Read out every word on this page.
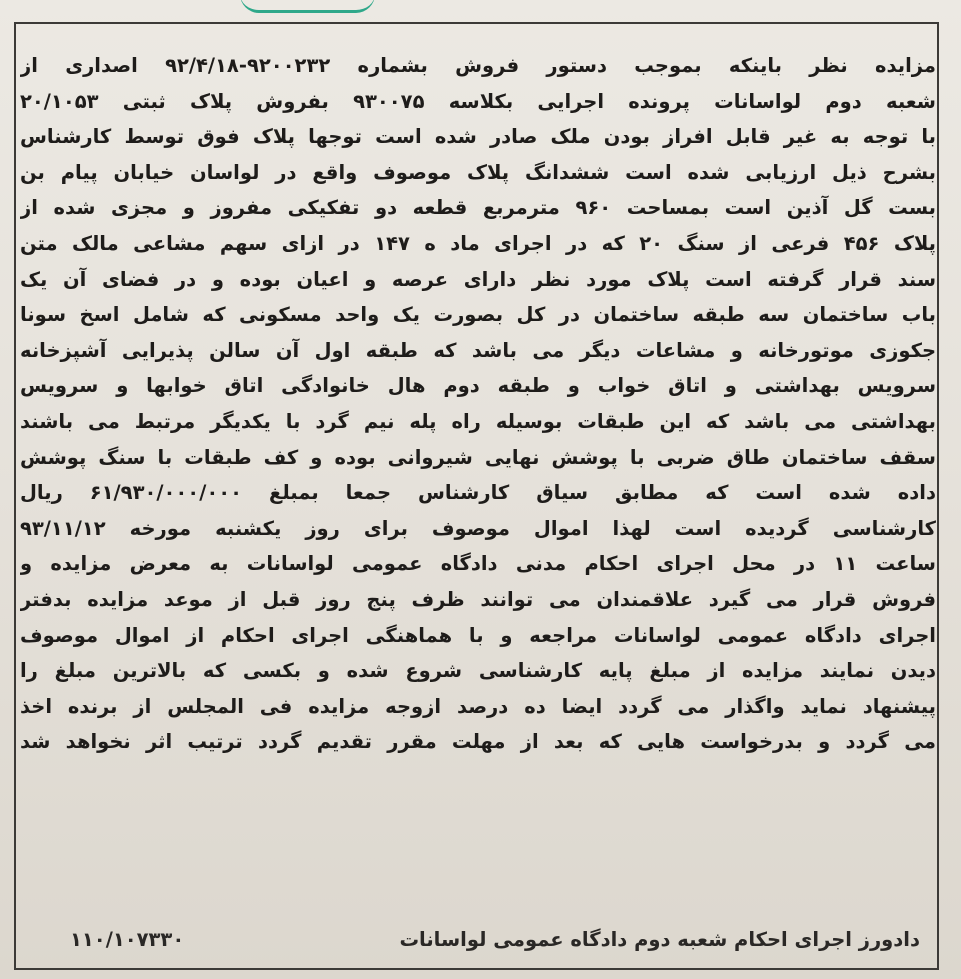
مزایده نظر باینکه بموجب دستور فروش بشماره ۹۲۰۰۲۳۲-۹۲/۴/۱۸ اصداری از
شعبه دوم لواسانات پرونده اجرایی بکلاسه ۹۳۰۰۷۵ بفروش پلاک ثبتی ۲۰/۱۰۵۳
با توجه به غیر قابل افراز بودن ملک صادر شده است توجها پلاک فوق توسط کارشناس
بشرح ذیل ارزیابی شده است ششدانگ پلاک موصوف واقع در لواسان خیابان پیام بن
بست گل آذین است بمساحت ۹۶۰ مترمربع قطعه دو تفکیکی مفروز و مجزی شده از
پلاک ۴۵۶ فرعی از سنگ ۲۰ که در اجرای ماد ه ۱۴۷ در ازای سهم مشاعی مالک متن
سند قرار گرفته است پلاک مورد نظر دارای عرصه و اعیان بوده و در فضای آن یک
باب ساختمان سه طبقه ساختمان در کل بصورت یک واحد مسکونی که شامل اسخ سونا
جکوزی موتورخانه و مشاعات دیگر می باشد که طبقه اول آن سالن پذیرایی آشپزخانه
سرویس بهداشتی و اتاق خواب و طبقه دوم هال خانوادگی اتاق خوابها و سرویس
بهداشتی می باشد که این طبقات بوسیله راه پله نیم گرد با یکدیگر مرتبط می باشند
سقف ساختمان طاق ضربی با پوشش نهایی شیروانی بوده و کف طبقات با سنگ پوشش
داده شده است که مطابق سیاق کارشناس جمعا بمبلغ ۶۱/۹۳۰/۰۰۰/۰۰۰ ریال
کارشناسی گردیده است لهذا اموال موصوف برای روز یکشنبه مورخه ۹۳/۱۱/۱۲
ساعت ۱۱ در محل اجرای احکام مدنی دادگاه عمومی لواسانات به معرض مزایده و
فروش قرار می گیرد علاقمندان می توانند ظرف پنج روز قبل از موعد مزایده بدفتر
اجرای دادگاه عمومی لواسانات مراجعه و با هماهنگی اجرای احکام از اموال موصوف
دیدن نمایند مزایده از مبلغ پایه کارشناسی شروع شده و بکسی که بالاترین مبلغ را
پیشنهاد نماید واگذار می گردد ایضا ده درصد ازوجه مزایده فی المجلس از برنده اخذ
می گردد و بدرخواست هایی که بعد از مهلت مقرر تقدیم گردد ترتیب اثر نخواهد شد
دادورز اجرای احکام شعبه دوم دادگاه عمومی لواسانات
۱۱۰/۱۰۷۳۳۰
